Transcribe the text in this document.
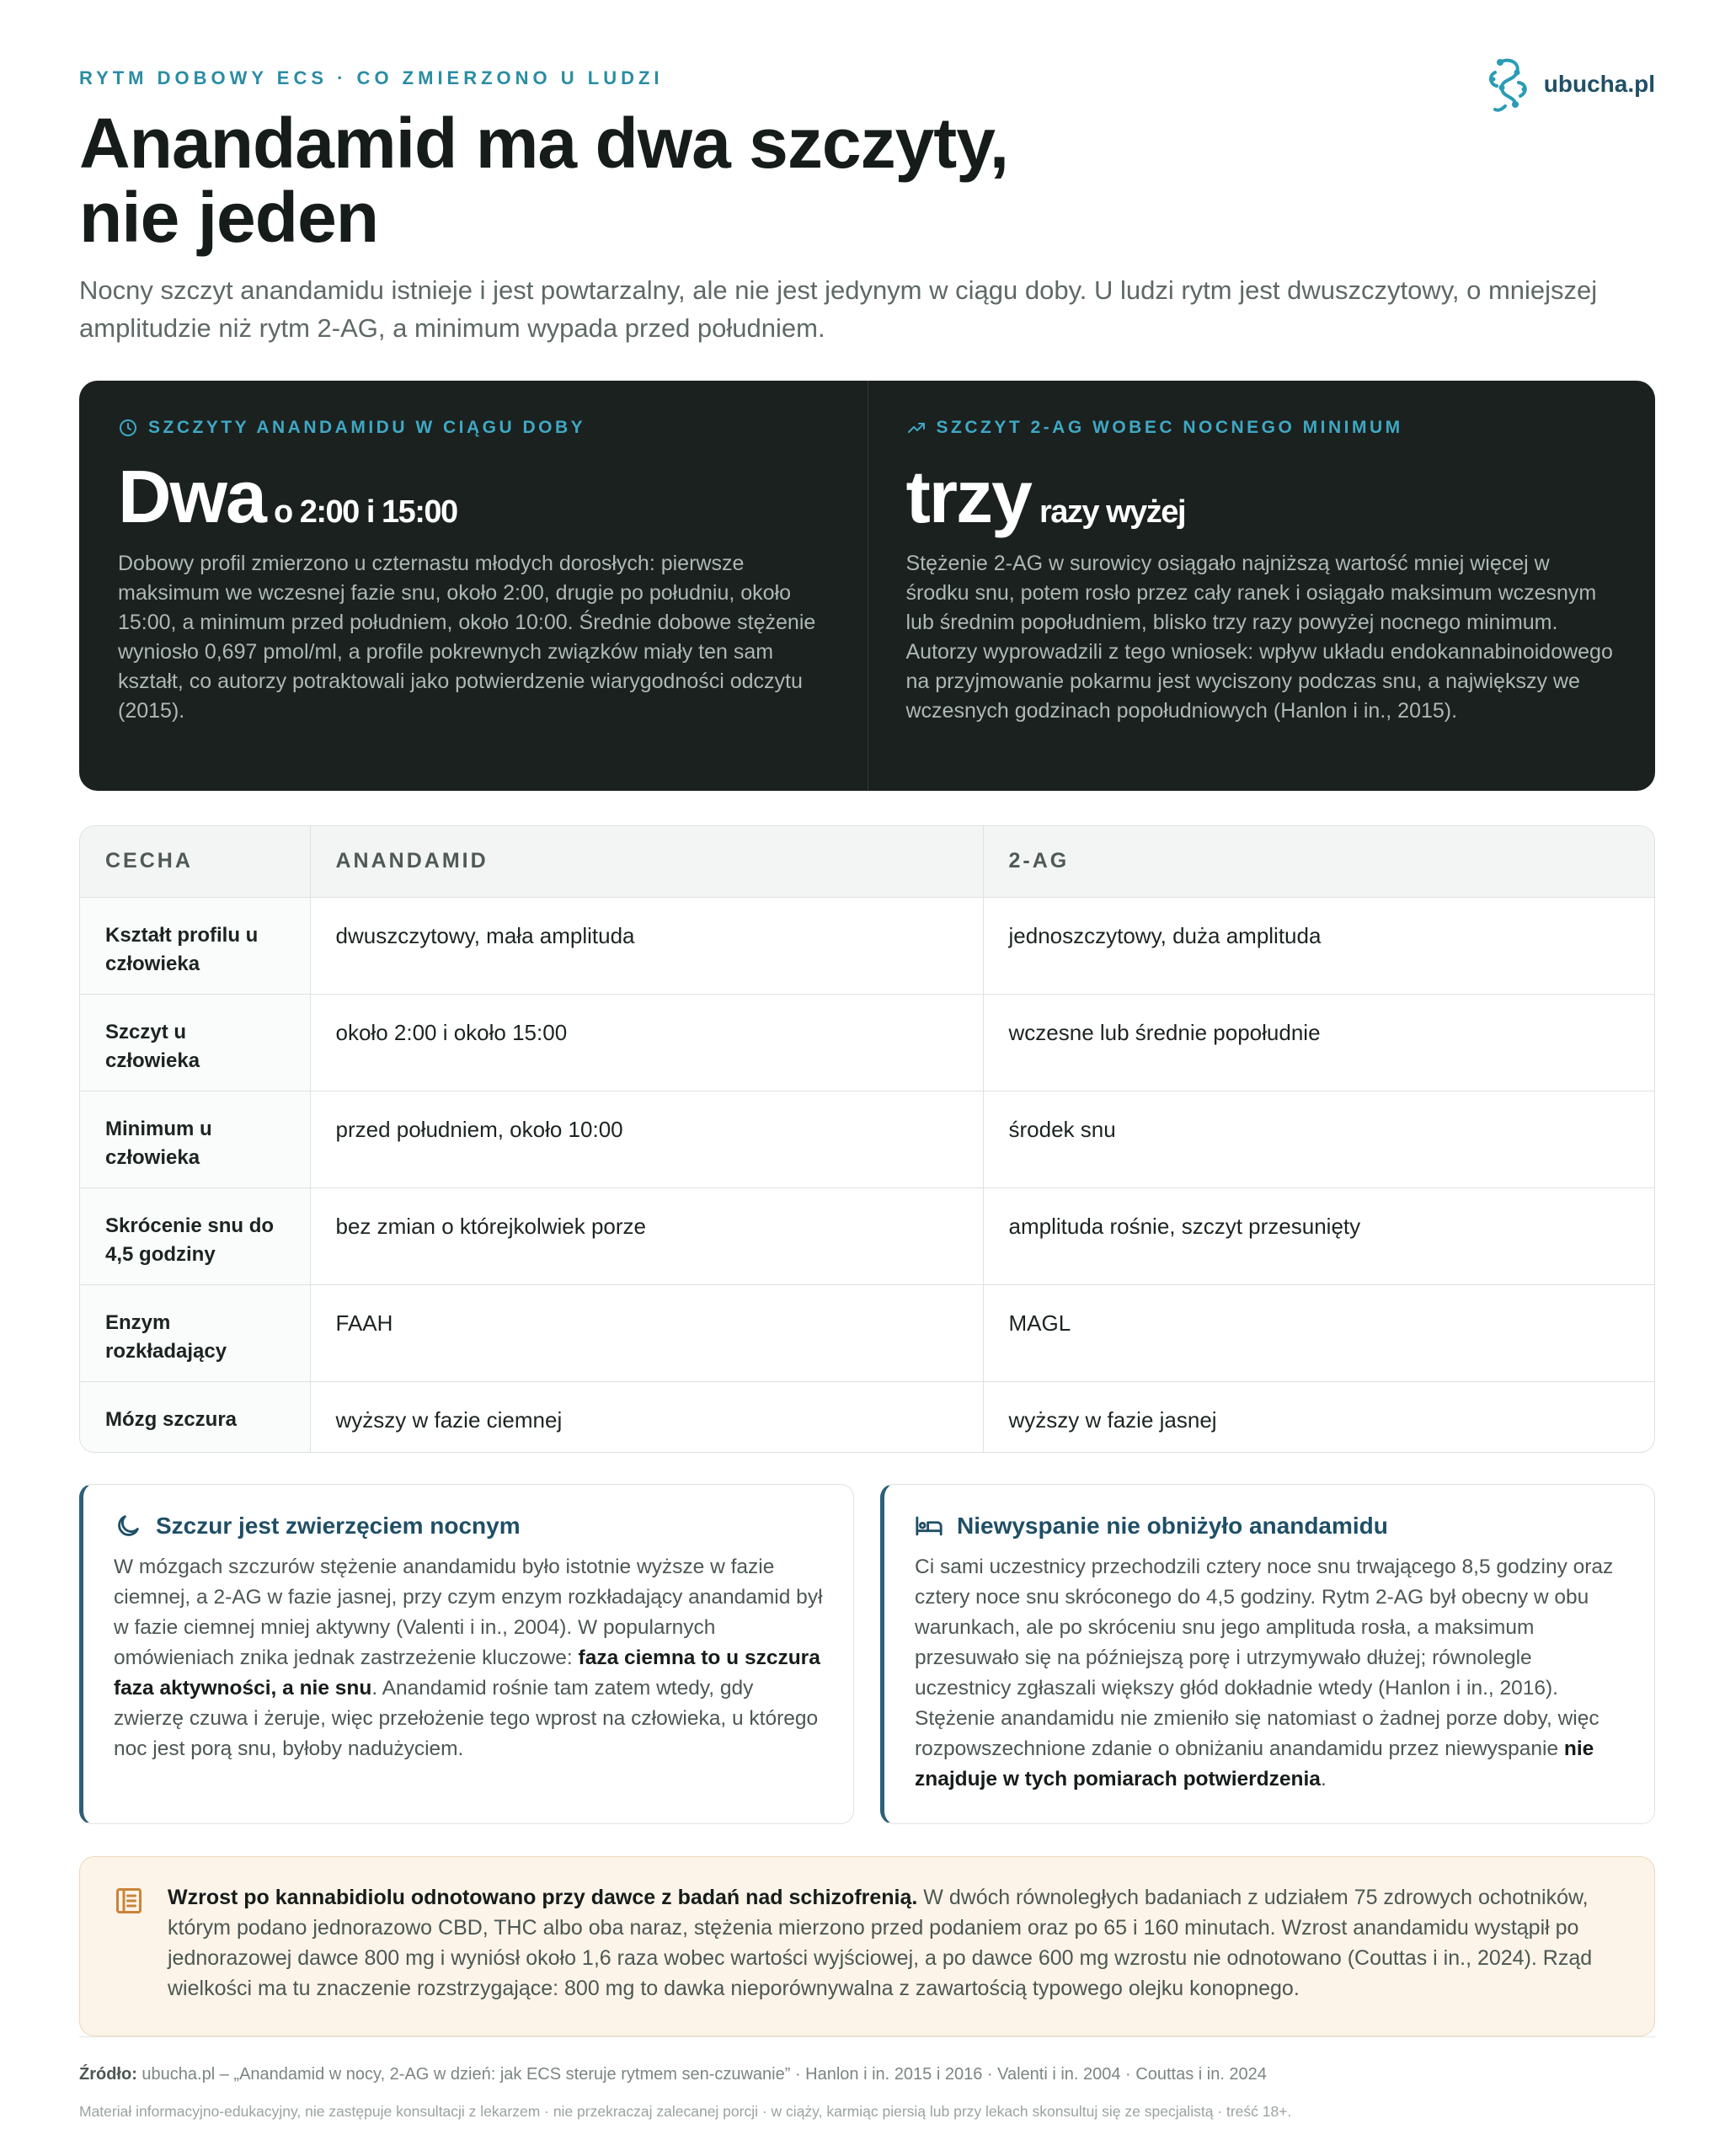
RYTM DOBOWY ECS · CO ZMIERZONO U LUDZI	ubucha.pl
Anandamid ma dwa szczyty,
nie jeden

Nocny szczyt anandamidu istnieje i jest powtarzalny, ale nie jest jedynym w ciągu doby. U ludzi rytm jest dwuszczytowy, o mniejszej amplitudzie niż rytm 2-AG, a minimum wypada przed południem.

SZCZYTY ANANDAMIDU W CIĄGU DOBY
Dwa o 2:00 i 15:00

Dobowy profil zmierzono u czternastu młodych dorosłych: pierwsze maksimum we wczesnej fazie snu, około 2:00, drugie po południu, około 15:00, a minimum przed południem, około 10:00. Średnie dobowe stężenie wyniosło 0,697 pmol/ml, a profile pokrewnych związków miały ten sam kształt, co autorzy potraktowali jako potwierdzenie wiarygodności odczytu (2015).

SZCZYT 2-AG WOBEC NOCNEGO MINIMUM
trzy razy wyżej

Stężenie 2-AG w surowicy osiągało najniższą wartość mniej więcej w środku snu, potem rosło przez cały ranek i osiągało maksimum wczesnym lub średnim popołudniem, blisko trzy razy powyżej nocnego minimum. Autorzy wyprowadzili z tego wniosek: wpływ układu endokannabinoidowego na przyjmowanie pokarmu jest wyciszony podczas snu, a największy we wczesnych godzinach popołudniowych (Hanlon i in., 2015).

CECHA	ANANDAMID	2-AG
Kształt profilu u człowieka	dwuszczytowy, mała amplituda	jednoszczytowy, duża amplituda
Szczyt u człowieka	około 2:00 i około 15:00	wczesne lub średnie popołudnie
Minimum u człowieka	przed południem, około 10:00	środek snu
Skrócenie snu do 4,5 godziny	bez zmian o którejkolwiek porze	amplituda rośnie, szczyt przesunięty
Enzym rozkładający	FAAH	MAGL
Mózg szczura	wyższy w fazie ciemnej	wyższy w fazie jasnej
Szczur jest zwierzęciem nocnym

W mózgach szczurów stężenie anandamidu było istotnie wyższe w fazie ciemnej, a 2-AG w fazie jasnej, przy czym enzym rozkładający anandamid był w fazie ciemnej mniej aktywny (Valenti i in., 2004). W popularnych omówieniach znika jednak zastrzeżenie kluczowe: faza ciemna to u szczura faza aktywności, a nie snu. Anandamid rośnie tam zatem wtedy, gdy zwierzę czuwa i żeruje, więc przełożenie tego wprost na człowieka, u którego noc jest porą snu, byłoby nadużyciem.

Niewyspanie nie obniżyło anandamidu

Ci sami uczestnicy przechodzili cztery noce snu trwającego 8,5 godziny oraz cztery noce snu skróconego do 4,5 godziny. Rytm 2-AG był obecny w obu warunkach, ale po skróceniu snu jego amplituda rosła, a maksimum przesuwało się na późniejszą porę i utrzymywało dłużej; równolegle uczestnicy zgłaszali większy głód dokładnie wtedy (Hanlon i in., 2016). Stężenie anandamidu nie zmieniło się natomiast o żadnej porze doby, więc rozpowszechnione zdanie o obniżaniu anandamidu przez niewyspanie nie znajduje w tych pomiarach potwierdzenia.

Wzrost po kannabidiolu odnotowano przy dawce z badań nad schizofrenią. W dwóch równoległych badaniach z udziałem 75 zdrowych ochotników, którym podano jednorazowo CBD, THC albo oba naraz, stężenia mierzono przed podaniem oraz po 65 i 160 minutach. Wzrost anandamidu wystąpił po jednorazowej dawce 800 mg i wyniósł około 1,6 raza wobec wartości wyjściowej, a po dawce 600 mg wzrostu nie odnotowano (Couttas i in., 2024). Rząd wielkości ma tu znaczenie rozstrzygające: 800 mg to dawka nieporównywalna z zawartością typowego olejku konopnego.

Źródło: ubucha.pl – „Anandamid w nocy, 2-AG w dzień: jak ECS steruje rytmem sen-czuwanie” · Hanlon i in. 2015 i 2016 · Valenti i in. 2004 · Couttas i in. 2024

Materiał informacyjno-edukacyjny, nie zastępuje konsultacji z lekarzem · nie przekraczaj zalecanej porcji · w ciąży, karmiąc piersią lub przy lekach skonsultuj się ze specjalistą · treść 18+.
